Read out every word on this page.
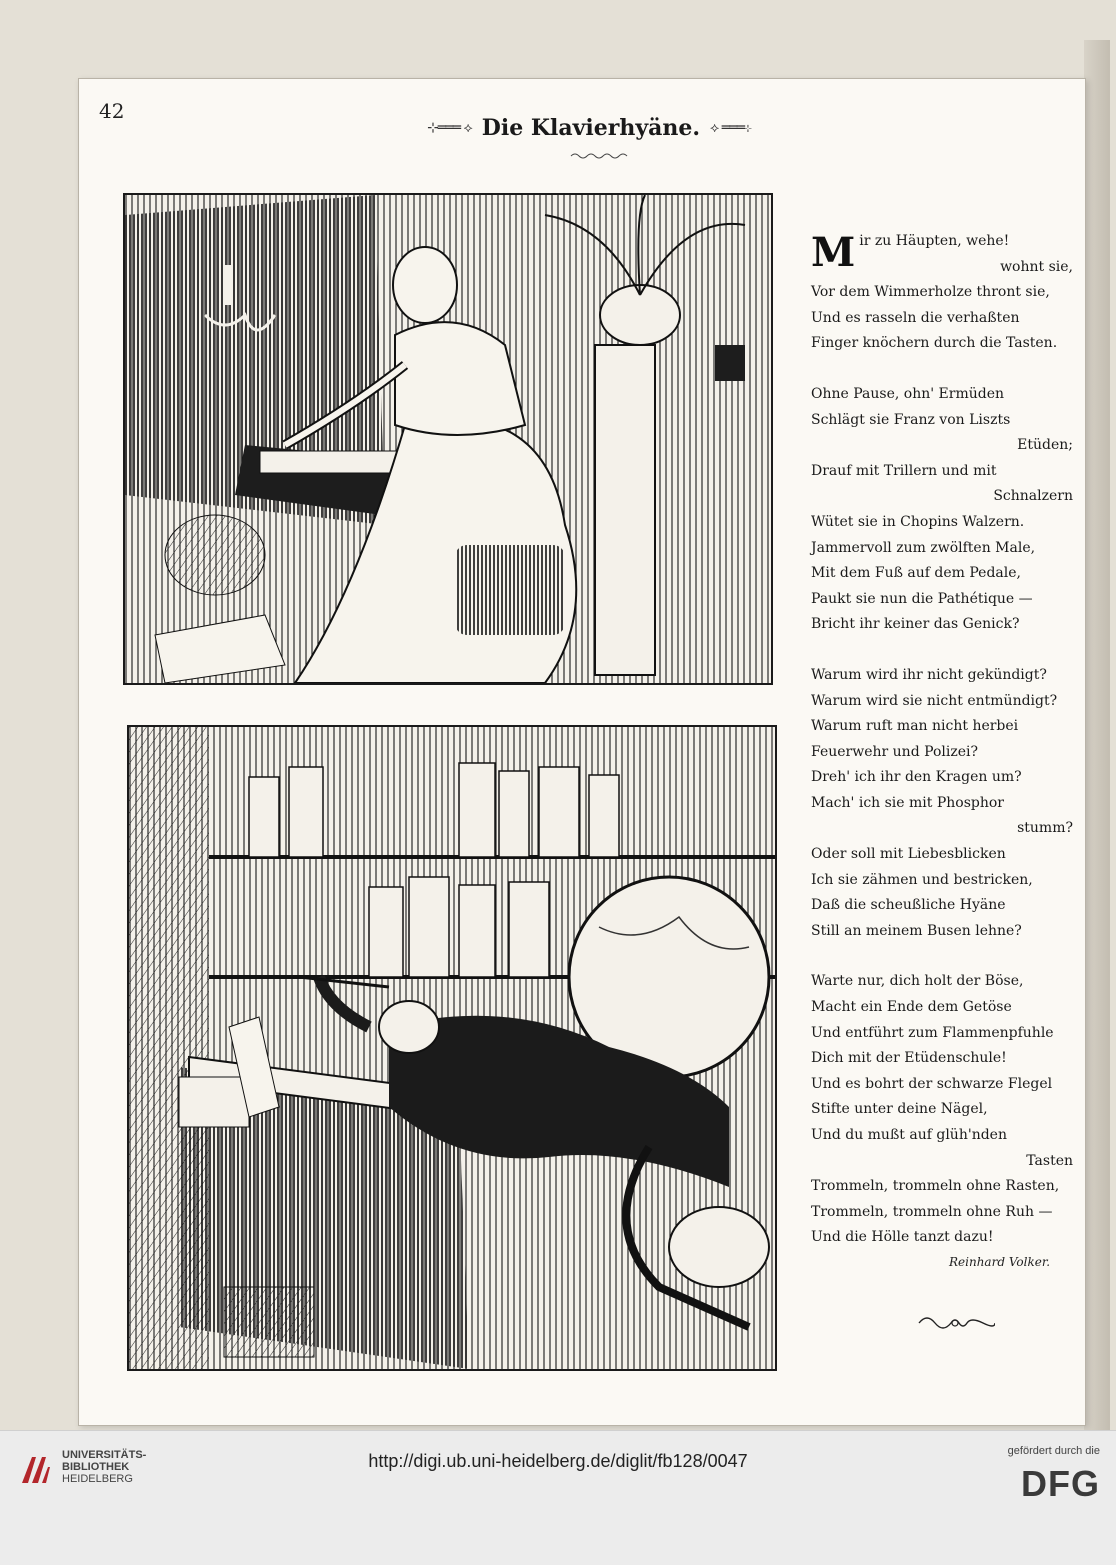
42
⊹═══ ⟡ Die Klavierhyäne. ⟡ ═══⊹
Mir zu Häupten, wehe!
wohnt sie,
Vor dem Wimmerholze thront sie,
Und es rasseln die verhaßten
Finger knöchern durch die Tasten.
Ohne Pause, ohn' Ermüden
Schlägt sie Franz von Liszts
Etüden;
Drauf mit Trillern und mit
Schnalzern
Wütet sie in Chopins Walzern.
Jammervoll zum zwölften Male,
Mit dem Fuß auf dem Pedale,
Paukt sie nun die Pathétique —
Bricht ihr keiner das Genick?
Warum wird ihr nicht gekündigt?
Warum wird sie nicht entmündigt?
Warum ruft man nicht herbei
Feuerwehr und Polizei?
Dreh' ich ihr den Kragen um?
Mach' ich sie mit Phosphor
stumm?
Oder soll mit Liebesblicken
Ich sie zähmen und bestricken,
Daß die scheußliche Hyäne
Still an meinem Busen lehne?
Warte nur, dich holt der Böse,
Macht ein Ende dem Getöse
Und entführt zum Flammenpfuhle
Dich mit der Etüdenschule!
Und es bohrt der schwarze Flegel
Stifte unter deine Nägel,
Und du mußt auf glüh'nden
Tasten
Trommeln, trommeln ohne Rasten,
Trommeln, trommeln ohne Ruh —
Und die Hölle tanzt dazu!
Reinhard Volker.
UNIVERSITÄTS-
BIBLIOTHEK
HEIDELBERG
http://digi.ub.uni-heidelberg.de/diglit/fb128/0047	gefördert durch die
DFG
